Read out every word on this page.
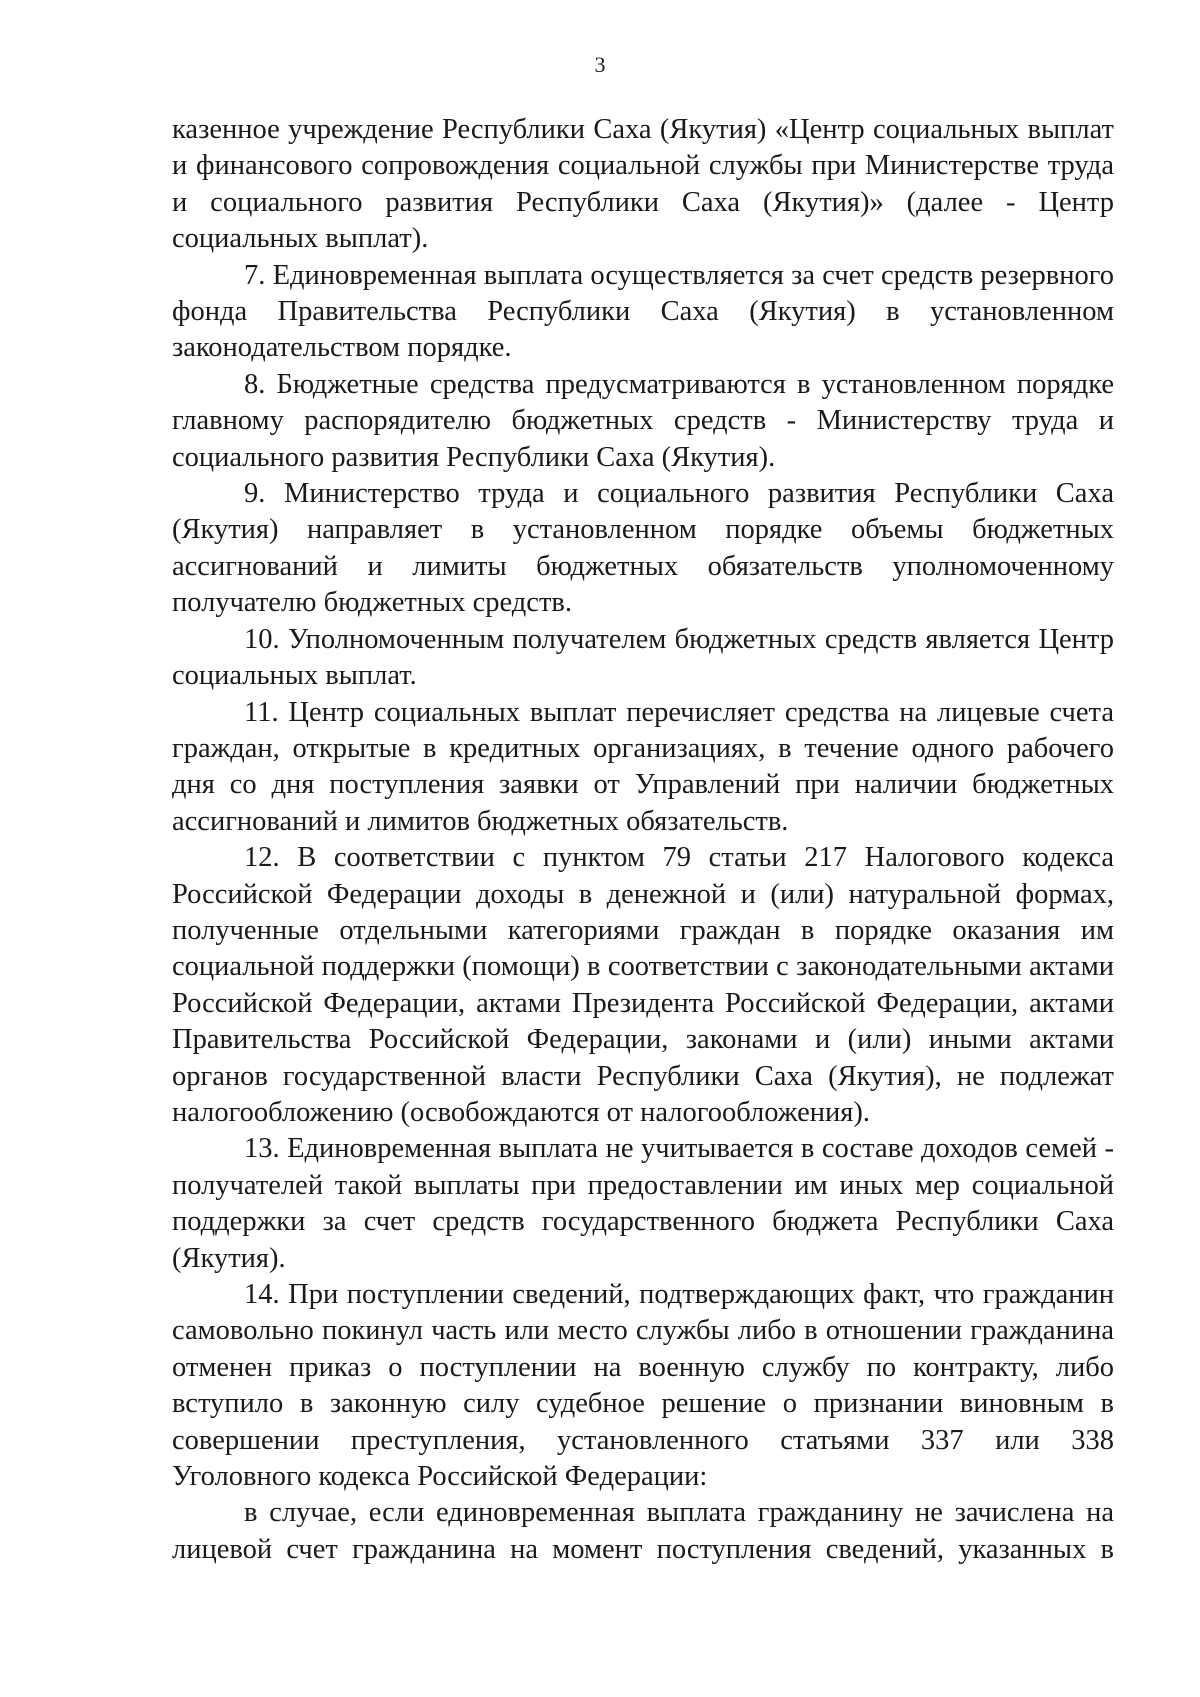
3

казенное учреждение Республики Саха (Якутия) «Центр социальных выплат и финансового сопровождения социальной службы при Министерстве труда и социального развития Республики Саха (Якутия)» (далее - Центр социальных выплат).

7. Единовременная выплата осуществляется за счет средств резервного фонда Правительства Республики Саха (Якутия) в установленном законодательством порядке.

8. Бюджетные средства предусматриваются в установленном порядке главному распорядителю бюджетных средств - Министерству труда и социального развития Республики Саха (Якутия).

9. Министерство труда и социального развития Республики Саха (Якутия) направляет в установленном порядке объемы бюджетных ассигнований и лимиты бюджетных обязательств уполномоченному получателю бюджетных средств.

10. Уполномоченным получателем бюджетных средств является Центр социальных выплат.

11. Центр социальных выплат перечисляет средства на лицевые счета граждан, открытые в кредитных организациях, в течение одного рабочего дня со дня поступления заявки от Управлений при наличии бюджетных ассигнований и лимитов бюджетных обязательств.

12. В соответствии с пунктом 79 статьи 217 Налогового кодекса Российской Федерации доходы в денежной и (или) натуральной формах, полученные отдельными категориями граждан в порядке оказания им социальной поддержки (помощи) в соответствии с законодательными актами Российской Федерации, актами Президента Российской Федерации, актами Правительства Российской Федерации, законами и (или) иными актами органов государственной власти Республики Саха (Якутия), не подлежат налогообложению (освобождаются от налогообложения).

13. Единовременная выплата не учитывается в составе доходов семей - получателей такой выплаты при предоставлении им иных мер социальной поддержки за счет средств государственного бюджета Республики Саха (Якутия).

14. При поступлении сведений, подтверждающих факт, что гражданин самовольно покинул часть или место службы либо в отношении гражданина отменен приказ о поступлении на военную службу по контракту, либо вступило в законную силу судебное решение о признании виновным в совершении преступления, установленного статьями 337 или 338 Уголовного кодекса Российской Федерации:

в случае, если единовременная выплата гражданину не зачислена на лицевой счет гражданина на момент поступления сведений, указанных в
